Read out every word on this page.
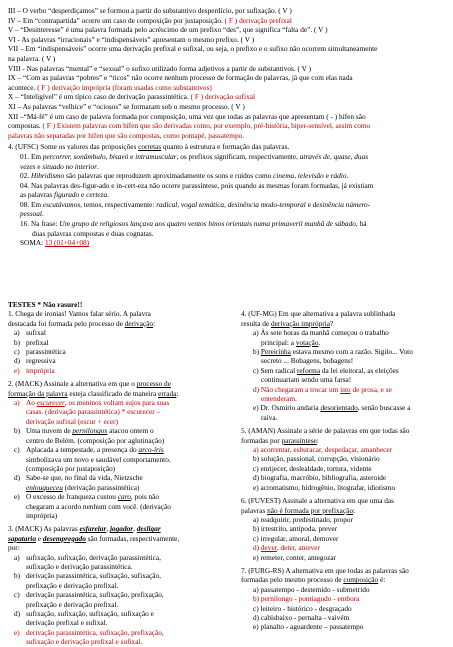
III – O verbo “desperdiçamos” se formou a partir do substantivo desperdício, por sufixação. ( V )

IV – Em “contrapartida” ocorre um caso de composição por justaposição. ( F ) derivação prefixal

V – “Desinteresse” é uma palavra formada pelo acréscimo de um prefixo “des”, que significa “falta de”. ( V )

VI - As palavras “irracionais” e “indispensáveis” apresentam o mesmo prefixo. ( V )

VII – Em “indispensáveis” ocorre uma derivação prefixal e sufixal, ou seja, o prefixo e o sufixo não ocorrem simultaneamente
na palavra. ( V )

VIII - Nas palavras “mental” e “sexual” o sufixo utilizado forma adjetivos a partir de substantivos. ( V )

IX – “Com as palavras “pobres” e “ricos” não ocorre nenhum processo de formação de palavras, já que com elas nada
acontece. ( F ) derivação imprópria (foram usadas como substantivos)

X – “Inteligível” é um típico caso de derivação parassintética. ( F ) derivação sufixal

XI – As palavras “velhice” e “ociosos” se formaram sob o mesmo processo. ( V )

XII –“Má-fé” é um caso de palavra formada por composição, uma vez que todas as palavras que apresentam ( - ) hífen são
compostas. ( F ) Existem palavras com hífen que são derivadas como, por exemplo, pré-história, hiper-sensível, assim como
palavras não separadas por hífen que são compostas, como pontapé, passatempo.

4. (UFSC) Some os valores das proposições corretas quanto à estrutura e formação das palavras.

01. Em percorrer, sonâmbulo, bisavó e intramuscular, os prefixos significam, respectivamente, através de, quase, duas
vezes e situado no interior.

02. Hibridismo são palavras que reproduzem aproximadamente os sons e ruídos como cinema, televisão e rádio.

04. Nas palavras des-figur-ado e in-cert-eza não ocorre parassíntese, pois quando as mesmas foram formadas, já existiam
as palavras figurado e certeza.

08. Em escutávamos, temos, respectivamente: radical, vogal temática, desinência modo-temporal e desinência número-
pessoal.

16. Na frase: Um grupo de religiosos lançava aos quatro ventos hinos orientais numa primaveril manhã de sábado, há
duas palavras compostas e duas cognatas.

SOMA: 13 (01+04+08)

TESTES * Não rasure!!

1. Chega de ironias! Vamos falar sério. A palavra
destacada foi formada pelo processo de derivação:

a) sufixal
b) prefixal
c) parassintética
d) regressiva
e) imprópria

2. (MACK) Assinale a alternativa em que o processo de
formação da palavra esteja classificado de maneira errada:

a) Ao escurecer, os meninos voltam sujos para suas
casas. (derivação parassintética) * escurecer –
derivação sufixal (escur + ecer)
b) Uma nuvem de pernilongos atacou ontem o
centro de Belém. (composição por aglutinação)
c) Aplacada a tempestade, a presença do arco-íris
simbolizava um novo e saudável comportamento.
(composição por justaposição)
d) Sabe-se que, no final da vida, Nietzsche
enlouqueceu (derivação parassintética)
e) O excesso de franqueza custou caro, pois não
chegaram a acordo nenhum com você. (derivação
imprópria)

3. (MACK) As palavras esfarelar, jogador, desligar
sapataria e desempregado são formadas, respectivamente,
por:

a) sufixação, sufixação, derivação parassintética,
sufixação e derivação parassintética.
b) derivação parassintética, sufixação, sufixação,
prefixação e derivação prefixal.
c) derivação parassintética, sufixação, prefixação,
prefixação e derivação prefixal.
d) sufixação, sufixação, sufixação, sufixação e
derivação prefixal e sufixal.
e) derivação parassintética, sufixação, prefixação,
sufixação e derivação prefixal e sufixal.

4. (UF-MG) Em que alternativa a palavra sublinhada
resulta de derivação imprópria?

a) Às sete horas da manhã começou o trabalho
principal: a votação.

b) Pereirinha estava mesmo com a razão. Sigilo... Voto
secreto ... Bobagens, bobagens!

c) Sem radical reforma da lei eleitoral, as eleições
continuariam sendo uma farsa!

d) Não chegaram a trocar um isto de prosa, e se
entenderam.

e) Dr. Osmírio andaria desorientado, senão buscasse a
raiva.

5. (AMAN) Assinale a série de palavras em que todas são
formadas por parassíntese:

a) acorrentar, esburacar, despedaçar, amanhecer

b) solução, passional, corrupção, visionário

c) enrijecer, deslealdade, tortura, vidente

d) biografia, macróbio, bibliografia, asteroide

e) acromatismo, hidrogênio, litografar, idiotismo

6. (FUVEST) Assinale a alternativa em que uma das
palavras não é formada por prefixação:

a) readquirir, predestinado, propor

b) irrestrito, antípoda, prever

c) irregular, amoral, demover

d) dever, deter, antever

e) remeter, conter, antegozar

7. (FURG-RS) A alternativa em que todas as palavras são
formadas pelo mesmo processo de composição é:

a) passatempo - destemido - submetrido

b) pernilongo - pontiagudo - embora

c) leiteiro - histórico - desgraçado

d) cabisbaixo - pernalta - vaivém

e) planalto - aguardente – passatempo
